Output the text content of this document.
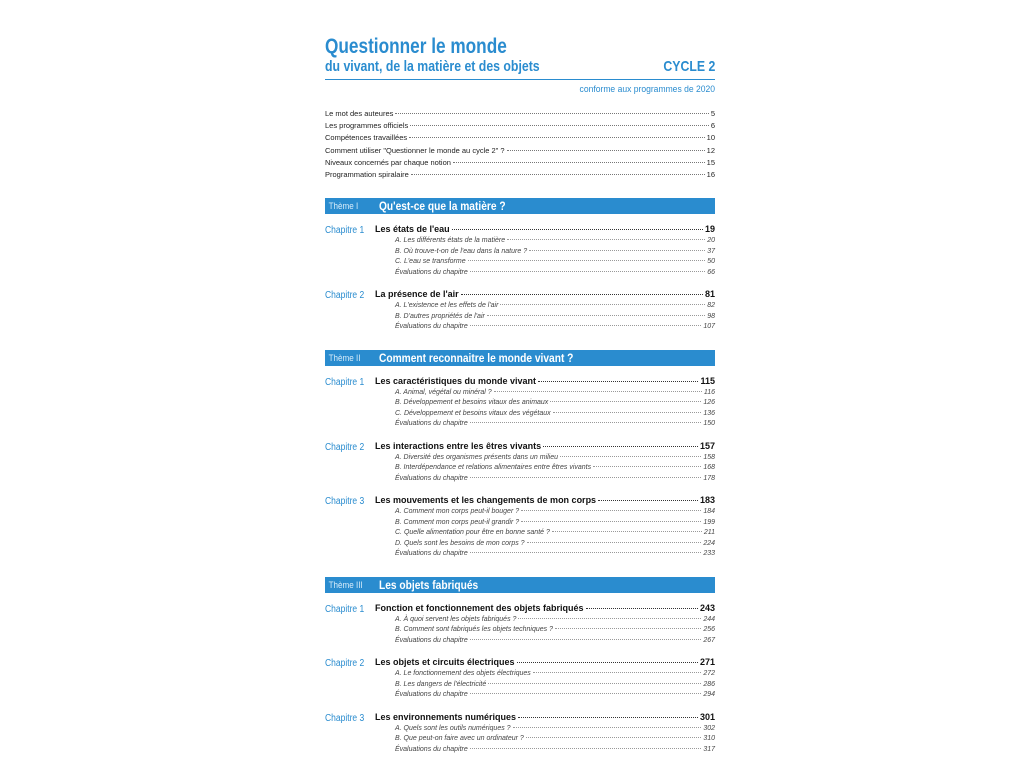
Questionner le monde
du vivant, de la matière et des objets	CYCLE 2
conforme aux programmes de 2020
Le mot des auteures	5
Les programmes officiels	6
Compétences travaillées	10
Comment utiliser "Questionner le monde au cycle 2" ?	12
Niveaux concernés par chaque notion	15
Programmation spiralaire	16
Thème I	Qu'est-ce que la matière ?
Chapitre 1	Les états de l'eau	19
A. Les différents états de la matière	20
B. Où trouve-t-on de l'eau dans la nature ?	37
C. L'eau se transforme	50
Évaluations du chapitre	66
Chapitre 2	La présence de l'air	81
A. L'existence et les effets de l'air	82
B. D'autres propriétés de l'air	98
Évaluations du chapitre	107
Thème II	Comment reconnaitre le monde vivant ?
Chapitre 1	Les caractéristiques du monde vivant	115
A. Animal, végétal ou minéral ?	116
B. Développement et besoins vitaux des animaux	126
C. Développement et besoins vitaux des végétaux	136
Évaluations du chapitre	150
Chapitre 2	Les interactions entre les êtres vivants	157
A. Diversité des organismes présents dans un milieu	158
B. Interdépendance et relations alimentaires entre êtres vivants	168
Évaluations du chapitre	178
Chapitre 3	Les mouvements et les changements de mon corps	183
A. Comment mon corps peut-il bouger ?	184
B. Comment mon corps peut-il grandir ?	199
C. Quelle alimentation pour être en bonne santé ?	211
D. Quels sont les besoins de mon corps ?	224
Évaluations du chapitre	233
Thème III	Les objets fabriqués
Chapitre 1	Fonction et fonctionnement des objets fabriqués	243
A. À quoi servent les objets fabriqués ?	244
B. Comment sont fabriqués les objets techniques ?	256
Évaluations du chapitre	267
Chapitre 2	Les objets et circuits électriques	271
A. Le fonctionnement des objets électriques	272
B. Les dangers de l'électricité	286
Évaluations du chapitre	294
Chapitre 3	Les environnements numériques	301
A. Quels sont les outils numériques ?	302
B. Que peut-on faire avec un ordinateur ?	310
Évaluations du chapitre	317
